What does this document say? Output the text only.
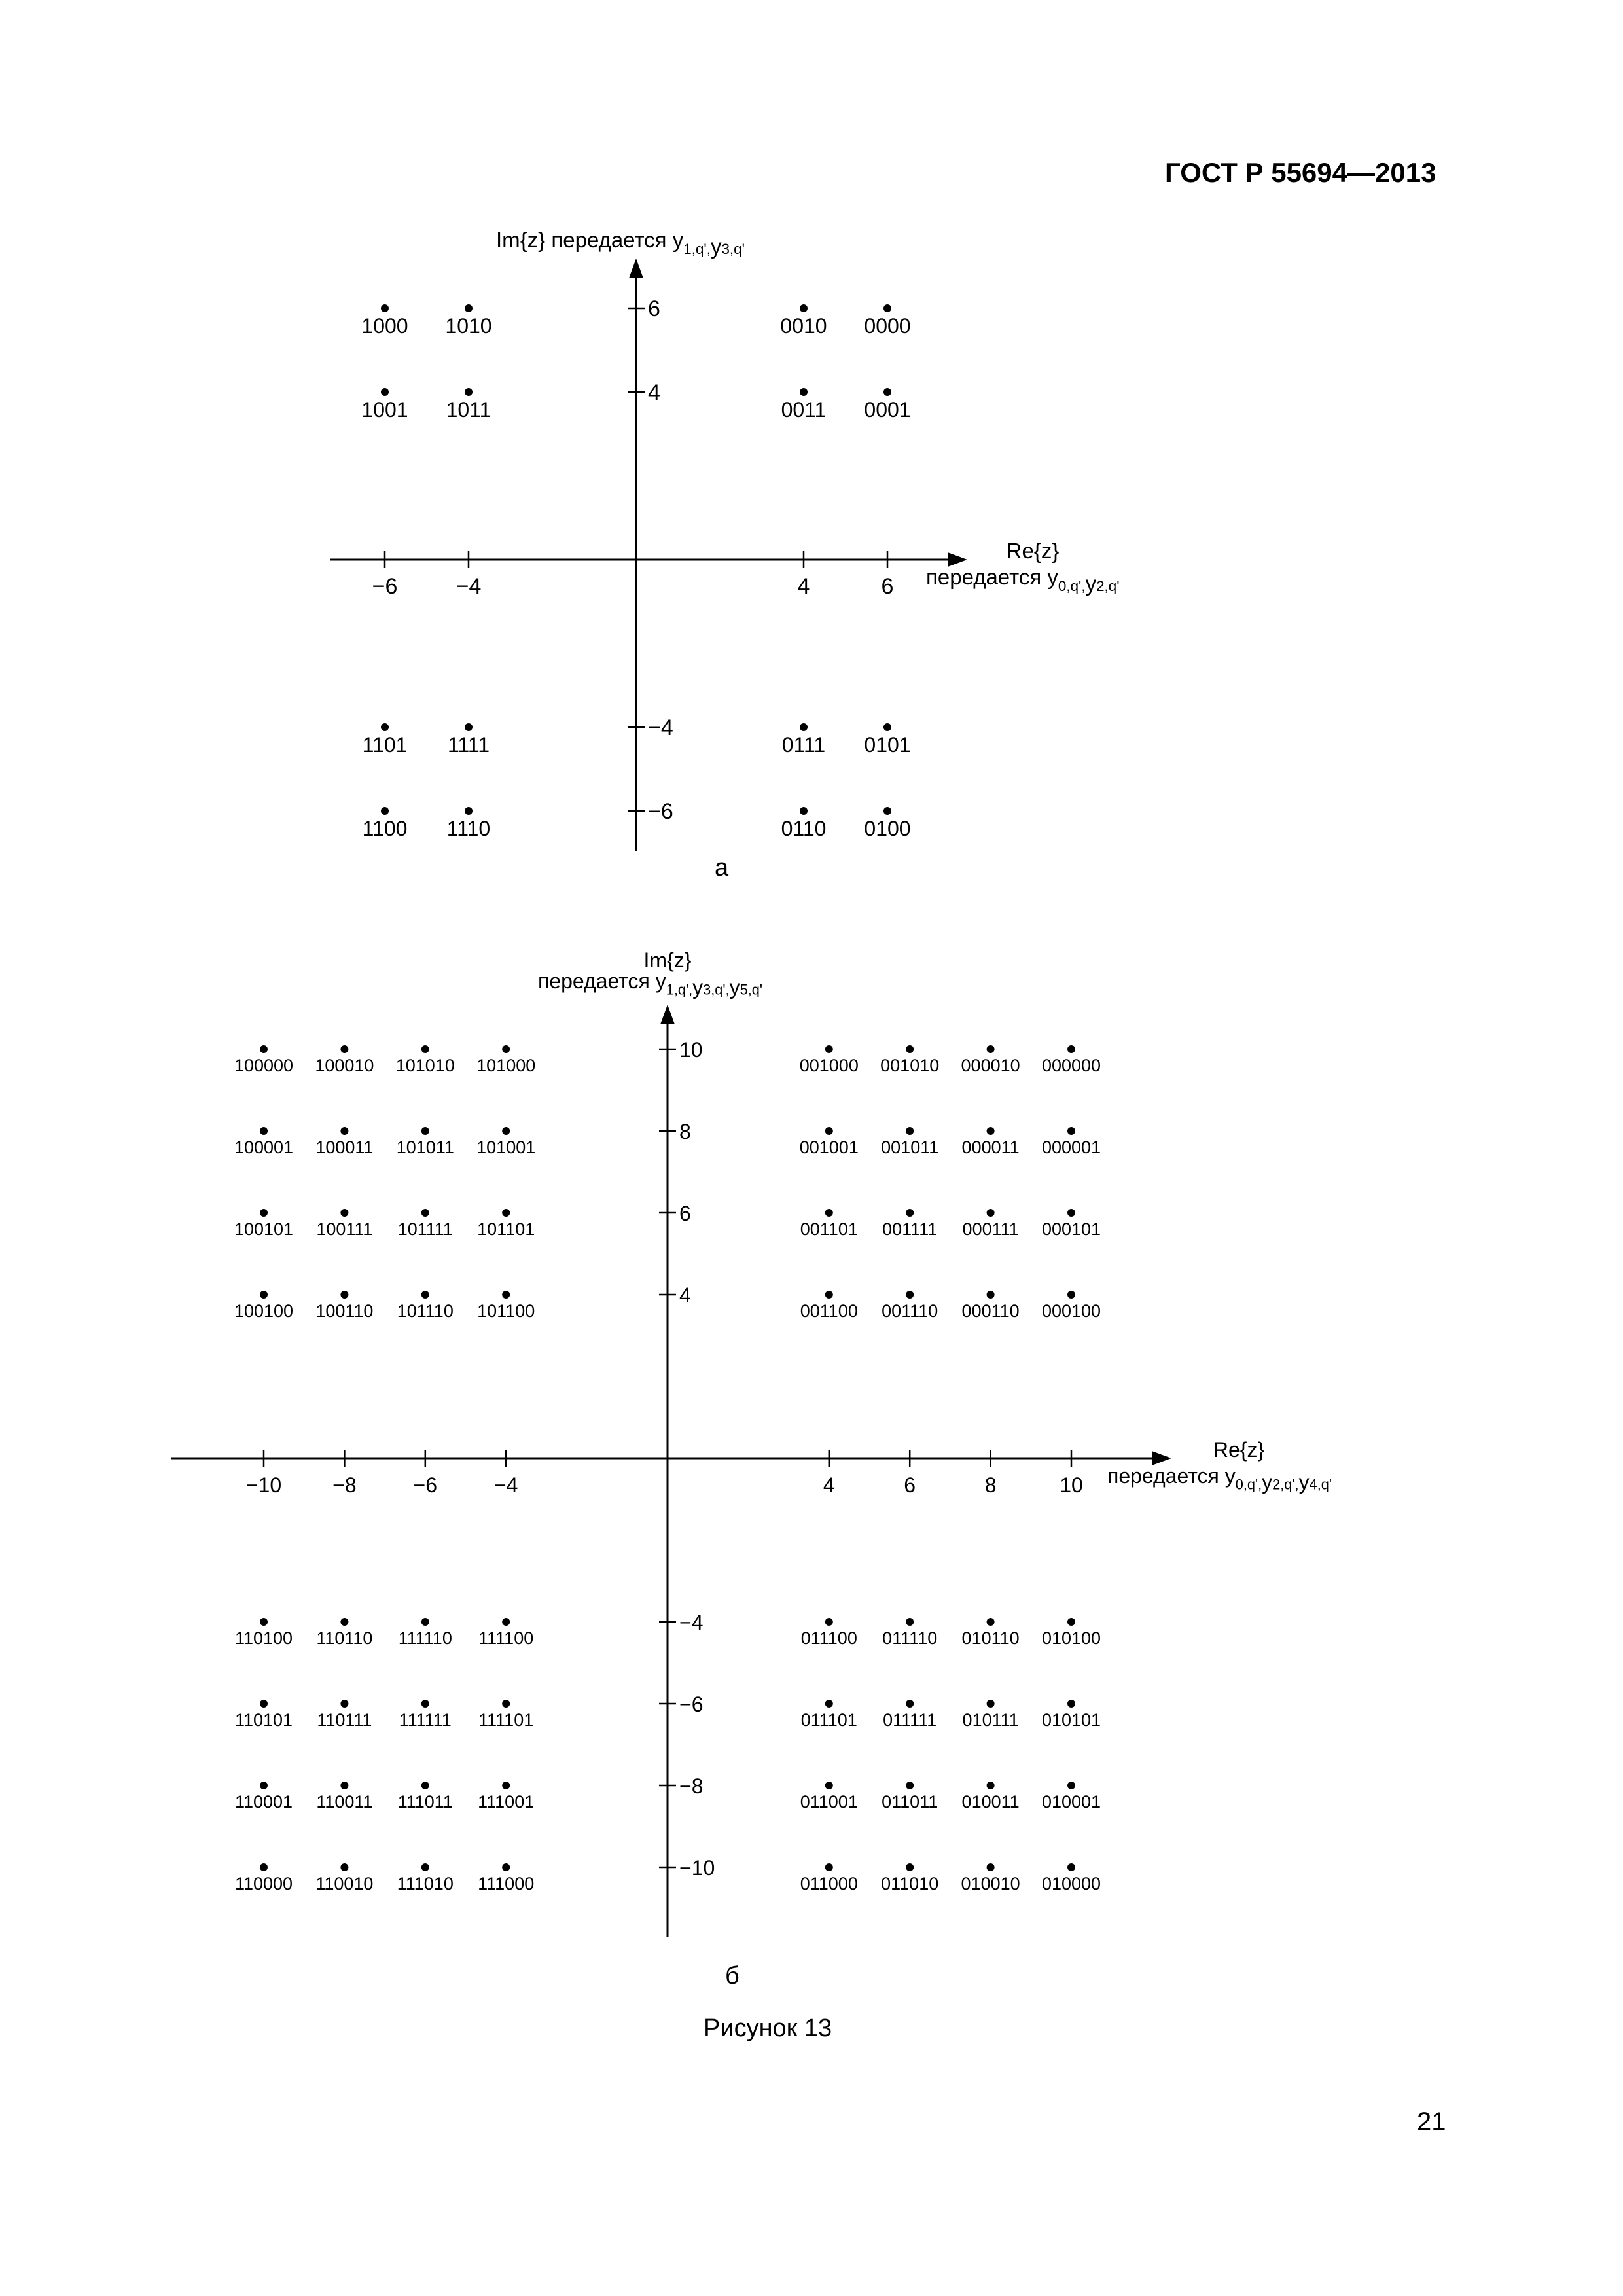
ГОСТ Р 55694—2013
−6	−4	4	6
6
4
−4
−6
1000 1010	0010 0000
1001 1011	0011 0001
1101 1111	0111 0101
1100 1110	0110 0100
Re{z}
передается $y_{0,q',}y2,q'$
Im{z} передается $y_{1,q',}y3,q'$
а
−10 −8	−6	−4	4	6	8	10
10
8
6
4
−4
−6
−8
−10
100000 100010 101010 101000	001000 001010 000010 000000
100001 100011 101011 101001	001001 001011 000011 000001
100101 100111 101111 101101	001101 001111 000111 000101
100100 100110 101110 101100	001100 001110 000110 000100
110100 110110 111110 111100	011100 011110 010110 010100
110101 110111 111111 111101	011101 011111 010111 010101
110001 110011 111011 111001	011001 011011 010011 010001
110000 110010 111010 111000	011000 011010 010010 010000
Re{z}
передается $y_{0,q',}y2,q',y4,q'$
Im{z}
передается $y_{1,q',}y3,q',y5,q'$
б
Рисунок 13
21
